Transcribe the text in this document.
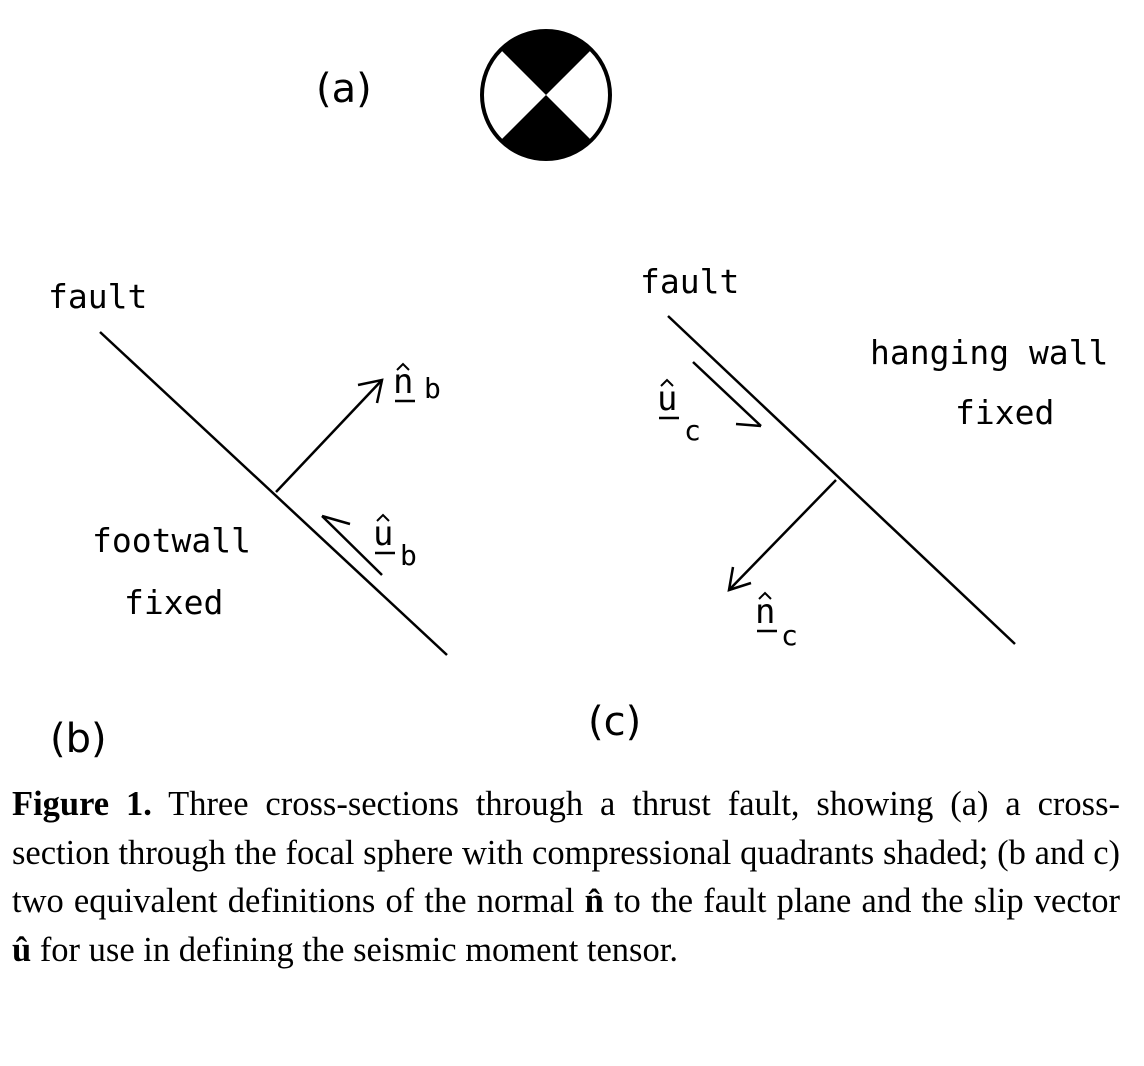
(a)
fault
n b
u
b
footwall
fixed
(b)
fault
u
c
n
c
hanging wall
fixed
(c)
Figure 1. Three cross-sections through a thrust fault, showing (a) a cross-section through the focal sphere with compressional quadrants shaded; (b and c) two equivalent definitions of the normal n̂ to the fault plane and the slip vector û for use in defining the seismic moment tensor.
